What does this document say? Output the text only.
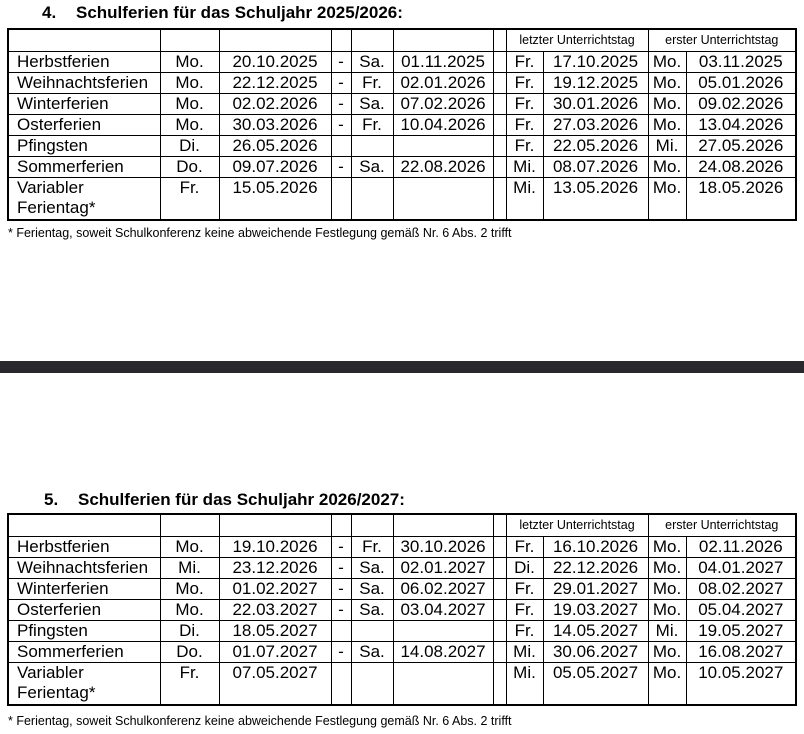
4.	Schulferien für das Schuljahr 2025/2026:
							letzter Unterrichtstag		erster Unterrichtstag	
Herbstferien	Mo.	20.10.2025	-	Sa.	01.11.2025		Fr.	17.10.2025	Mo.	03.11.2025
Weihnachtsferien	Mo.	22.12.2025	-	Fr.	02.01.2026		Fr.	19.12.2025	Mo.	05.01.2026
Winterferien	Mo.	02.02.2026	-	Sa.	07.02.2026		Fr.	30.01.2026	Mo.	09.02.2026
Osterferien	Mo.	30.03.2026	-	Fr.	10.04.2026		Fr.	27.03.2026	Mo.	13.04.2026
Pfingsten	Di.	26.05.2026					Fr.	22.05.2026	Mi.	27.05.2026
Sommerferien	Do.	09.07.2026	-	Sa.	22.08.2026		Mi.	08.07.2026	Mo.	24.08.2026
Variabler Ferientag*	Fr.	15.05.2026					Mi.	13.05.2026	Mo.	18.05.2026
* Ferientag, soweit Schulkonferenz keine abweichende Festlegung gemäß Nr. 6 Abs. 2 trifft
5.	Schulferien für das Schuljahr 2026/2027:
							letzter Unterrichtstag		erster Unterrichtstag	
Herbstferien	Mo.	19.10.2026	-	Fr.	30.10.2026		Fr.	16.10.2026	Mo.	02.11.2026
Weihnachtsferien	Mi.	23.12.2026	-	Sa.	02.01.2027		Di.	22.12.2026	Mo.	04.01.2027
Winterferien	Mo.	01.02.2027	-	Sa.	06.02.2027		Fr.	29.01.2027	Mo.	08.02.2027
Osterferien	Mo.	22.03.2027	-	Sa.	03.04.2027		Fr.	19.03.2027	Mo.	05.04.2027
Pfingsten	Di.	18.05.2027					Fr.	14.05.2027	Mi.	19.05.2027
Sommerferien	Do.	01.07.2027	-	Sa.	14.08.2027		Mi.	30.06.2027	Mo.	16.08.2027
Variabler Ferientag*	Fr.	07.05.2027					Mi.	05.05.2027	Mo.	10.05.2027
* Ferientag, soweit Schulkonferenz keine abweichende Festlegung gemäß Nr. 6 Abs. 2 trifft
